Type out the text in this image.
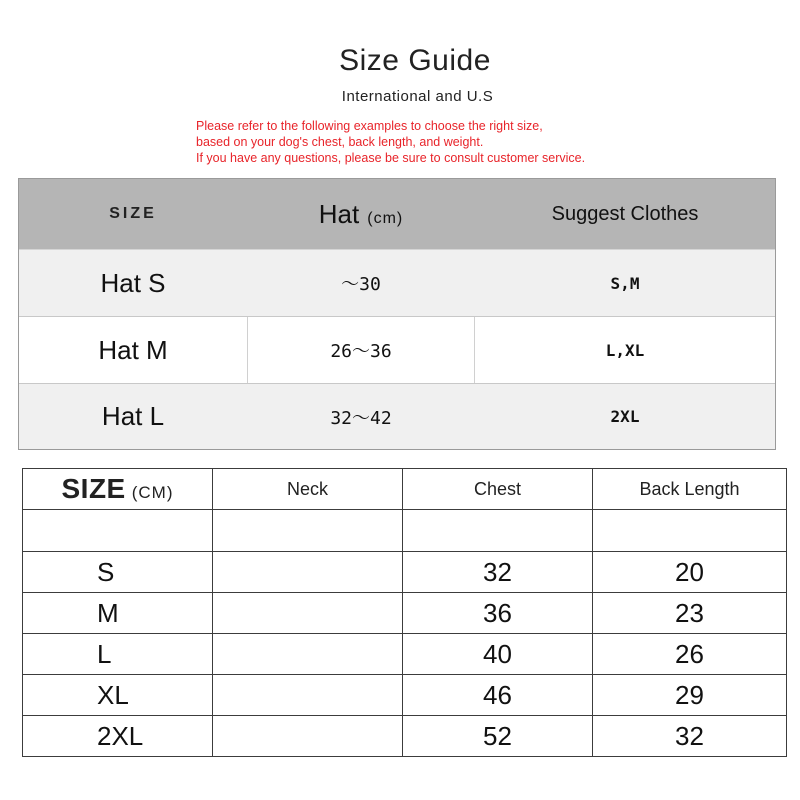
Size Guide
International and U.S
Please refer to the following examples to choose the right size,
based on your dog's chest, back length, and weight.
If you have any questions, please be sure to consult customer service.
SIZE	Hat (cm)	Suggest Clothes
Hat S	～30	S,M
Hat M	26～36	L,XL
Hat L	32～42	2XL
SIZE (CM)	Neck	Chest	Back Length

S		32	20
M		36	23
L		40	26
XL		46	29
2XL		52	32
